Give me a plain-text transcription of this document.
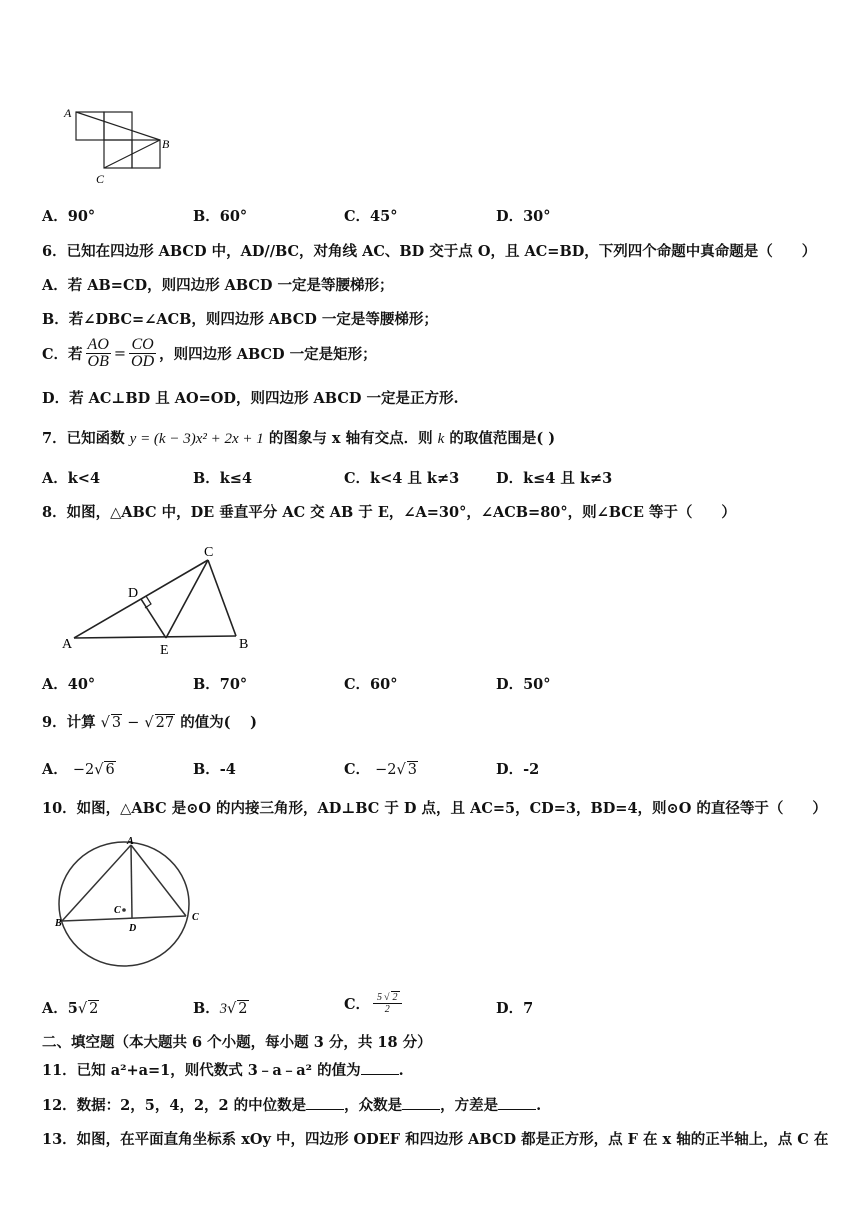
A
B
C
A．90°	B．60°	C．45°	D．30°
6．已知在四边形 ABCD 中，AD//BC，对角线 AC、BD 交于点 O，且 AC=BD，下列四个命题中真命题是（　　）
A．若 AB=CD，则四边形 ABCD 一定是等腰梯形；
B．若∠DBC=∠ACB，则四边形 ABCD 一定是等腰梯形；
C．若 $\frac{AO}{OB} = \frac{CO}{OD}$ ，则四边形 ABCD 一定是矩形；
D．若 AC⊥BD 且 AO=OD，则四边形 ABCD 一定是正方形.
7．已知函数 y = (k − 3)x² + 2x + 1 的图象与 x 轴有交点．则 k 的取值范围是( )
A．k<4	B．k≤4	C．k<4 且 k≠3	D．k≤4 且 k≠3
8．如图，△ABC 中，DE 垂直平分 AC 交 AB 于 E，∠A=30°，∠ACB=80°，则∠BCE 等于（　　）
A	B
C
D
E
A．40°	B．70°	C．60°	D．50°
9．计算 √ 3 − √ 27 的值为(　 )
A． −2√ 6	B．-4	C． −2√ 3	D．-2
10．如图，△ABC 是⊙O 的内接三角形，AD⊥BC 于 D 点，且 AC=5，CD=3，BD=4，则⊙O 的直径等于（　　）
A
B
C
D
C
A．5√ 2	B．3√ 2	C． $\frac{5 √ 2}{2}$	D．7
二、填空题（本大题共 6 个小题，每小题 3 分，共 18 分）
11．已知 a²+a=1，则代数式 3﹣a﹣a² 的值为	.
12．数据：2，5，4，2，2 的中位数是	，众数是	，方差是	.
13．如图，在平面直角坐标系 xOy 中，四边形 ODEF 和四边形 ABCD 都是正方形，点 F 在 x 轴的正半轴上，点 C 在
